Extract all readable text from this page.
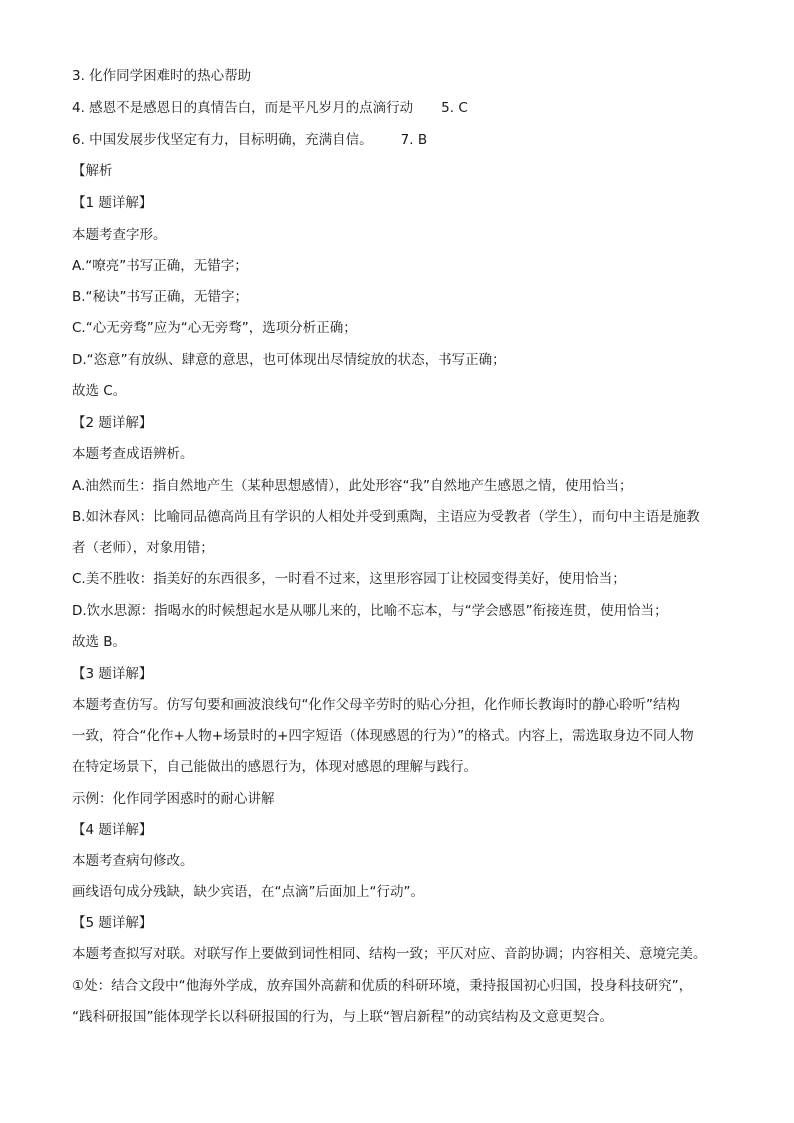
3. 化作同学困难时的热心帮助
4. 感恩不是感恩日的真情告白，而是平凡岁月的点滴行动 5. C
6. 中国发展步伐坚定有力，目标明确，充满自信。 7. B
【解析
【1 题详解】
本题考查字形。
A.“嘹亮”书写正确，无错字；
B.“秘诀”书写正确，无错字；
C.“心无旁骛”应为“心无旁骛”，选项分析正确；
D.“恣意”有放纵、肆意的意思，也可体现出尽情绽放的状态，书写正确；
故选 C。
【2 题详解】
本题考查成语辨析。
A.油然而生：指自然地产生（某种思想感情），此处形容“我”自然地产生感恩之情，使用恰当；
B.如沐春风：比喻同品德高尚且有学识的人相处并受到熏陶，主语应为受教者（学生），而句中主语是施教
者（老师），对象用错；
C.美不胜收：指美好的东西很多，一时看不过来，这里形容园丁让校园变得美好，使用恰当；
D.饮水思源：指喝水的时候想起水是从哪儿来的，比喻不忘本，与“学会感恩”衔接连贯，使用恰当；
故选 B。
【3 题详解】
本题考查仿写。仿写句要和画波浪线句“化作父母辛劳时的贴心分担，化作师长教诲时的静心聆听”结构
一致，符合“化作+人物+场景时的+四字短语（体现感恩的行为）”的格式。内容上，需选取身边不同人物
在特定场景下，自己能做出的感恩行为，体现对感恩的理解与践行。
示例：化作同学困惑时的耐心讲解
【4 题详解】
本题考查病句修改。
画线语句成分残缺，缺少宾语，在“点滴”后面加上“行动”。
【5 题详解】
本题考查拟写对联。对联写作上要做到词性相同、结构一致；平仄对应、音韵协调；内容相关、意境完美。
①处：结合文段中“他海外学成，放弃国外高薪和优质的科研环境，秉持报国初心归国，投身科技研究”，
“践科研报国”能体现学长以科研报国的行为，与上联“智启新程”的动宾结构及文意更契合。
